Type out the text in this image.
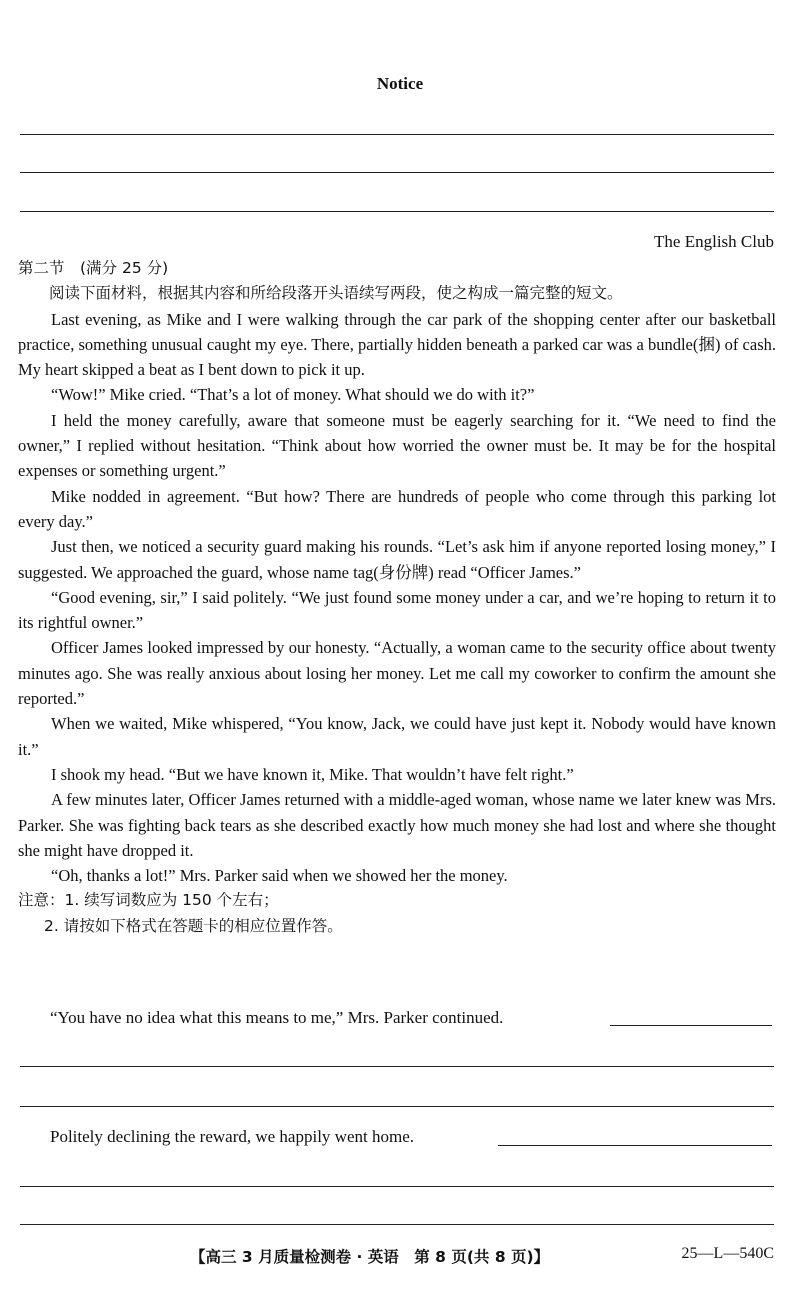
Notice
The English Club

第二节　(满分 25 分)

阅读下面材料，根据其内容和所给段落开头语续写两段，使之构成一篇完整的短文。

Last evening, as Mike and I were walking through the car park of the shopping center after our basketball practice, something unusual caught my eye. There, partially hidden beneath a parked car was a bundle(捆) of cash. My heart skipped a beat as I bent down to pick it up.

“Wow!” Mike cried. “That’s a lot of money. What should we do with it?”

I held the money carefully, aware that someone must be eagerly searching for it. “We need to find the owner,” I replied without hesitation. “Think about how worried the owner must be. It may be for the hospital expenses or something urgent.”

Mike nodded in agreement. “But how? There are hundreds of people who come through this parking lot every day.”

Just then, we noticed a security guard making his rounds. “Let’s ask him if anyone reported losing money,” I suggested. We approached the guard, whose name tag(身份牌) read “Officer James.”

“Good evening, sir,” I said politely. “We just found some money under a car, and we’re hoping to return it to its rightful owner.”

Officer James looked impressed by our honesty. “Actually, a woman came to the security office about twenty minutes ago. She was really anxious about losing her money. Let me call my coworker to confirm the amount she reported.”

When we waited, Mike whispered, “You know, Jack, we could have just kept it. Nobody would have known it.”

I shook my head. “But we have known it, Mike. That wouldn’t have felt right.”

A few minutes later, Officer James returned with a middle-aged woman, whose name we later knew was Mrs. Parker. She was fighting back tears as she described exactly how much money she had lost and where she thought she might have dropped it.

“Oh, thanks a lot!” Mrs. Parker said when we showed her the money.

注意：1. 续写词数应为 150 个左右；

2. 请按如下格式在答题卡的相应位置作答。

“You have no idea what this means to me,” Mrs. Parker continued.
Politely declining the reward, we happily went home.
【高三 3 月质量检测卷 · 英语　第 8 页(共 8 页)】	25—L—540C
